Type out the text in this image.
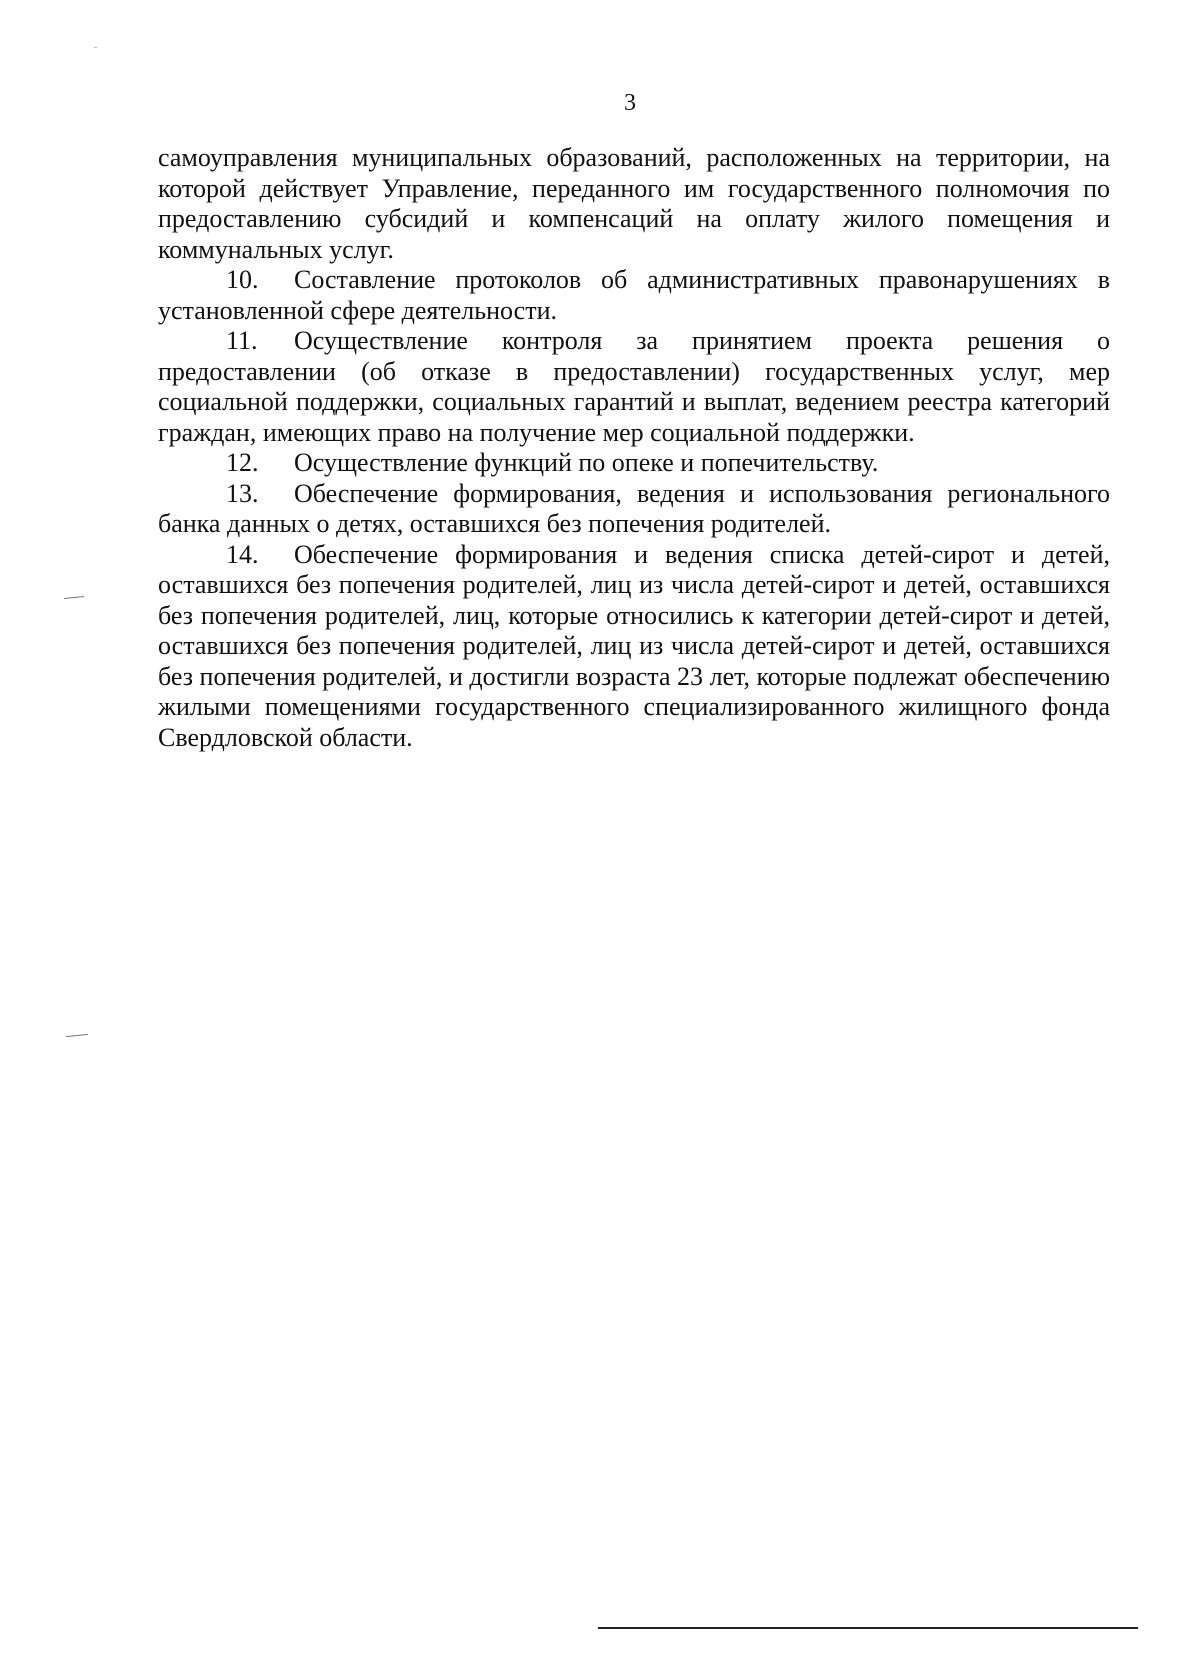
3

самоуправления муниципальных образований, расположенных на территории, на которой действует Управление, переданного им государственного полномочия по предоставлению субсидий и компенсаций на оплату жилого помещения и коммунальных услуг.

10. Составление протоколов об административных правонарушениях в установленной сфере деятельности.

11. Осуществление контроля за принятием проекта решения о предоставлении (об отказе в предоставлении) государственных услуг, мер социальной поддержки, социальных гарантий и выплат, ведением реестра категорий граждан, имеющих право на получение мер социальной поддержки.

12. Осуществление функций по опеке и попечительству.

13. Обеспечение формирования, ведения и использования регионального банка данных о детях, оставшихся без попечения родителей.

14. Обеспечение формирования и ведения списка детей-сирот и детей, оставшихся без попечения родителей, лиц из числа детей-сирот и детей, оставшихся без попечения родителей, лиц, которые относились к категории детей-сирот и детей, оставшихся без попечения родителей, лиц из числа детей-сирот и детей, оставшихся без попечения родителей, и достигли возраста 23 лет, которые подлежат обеспечению жилыми помещениями государственного специализированного жилищного фонда Свердловской области.
